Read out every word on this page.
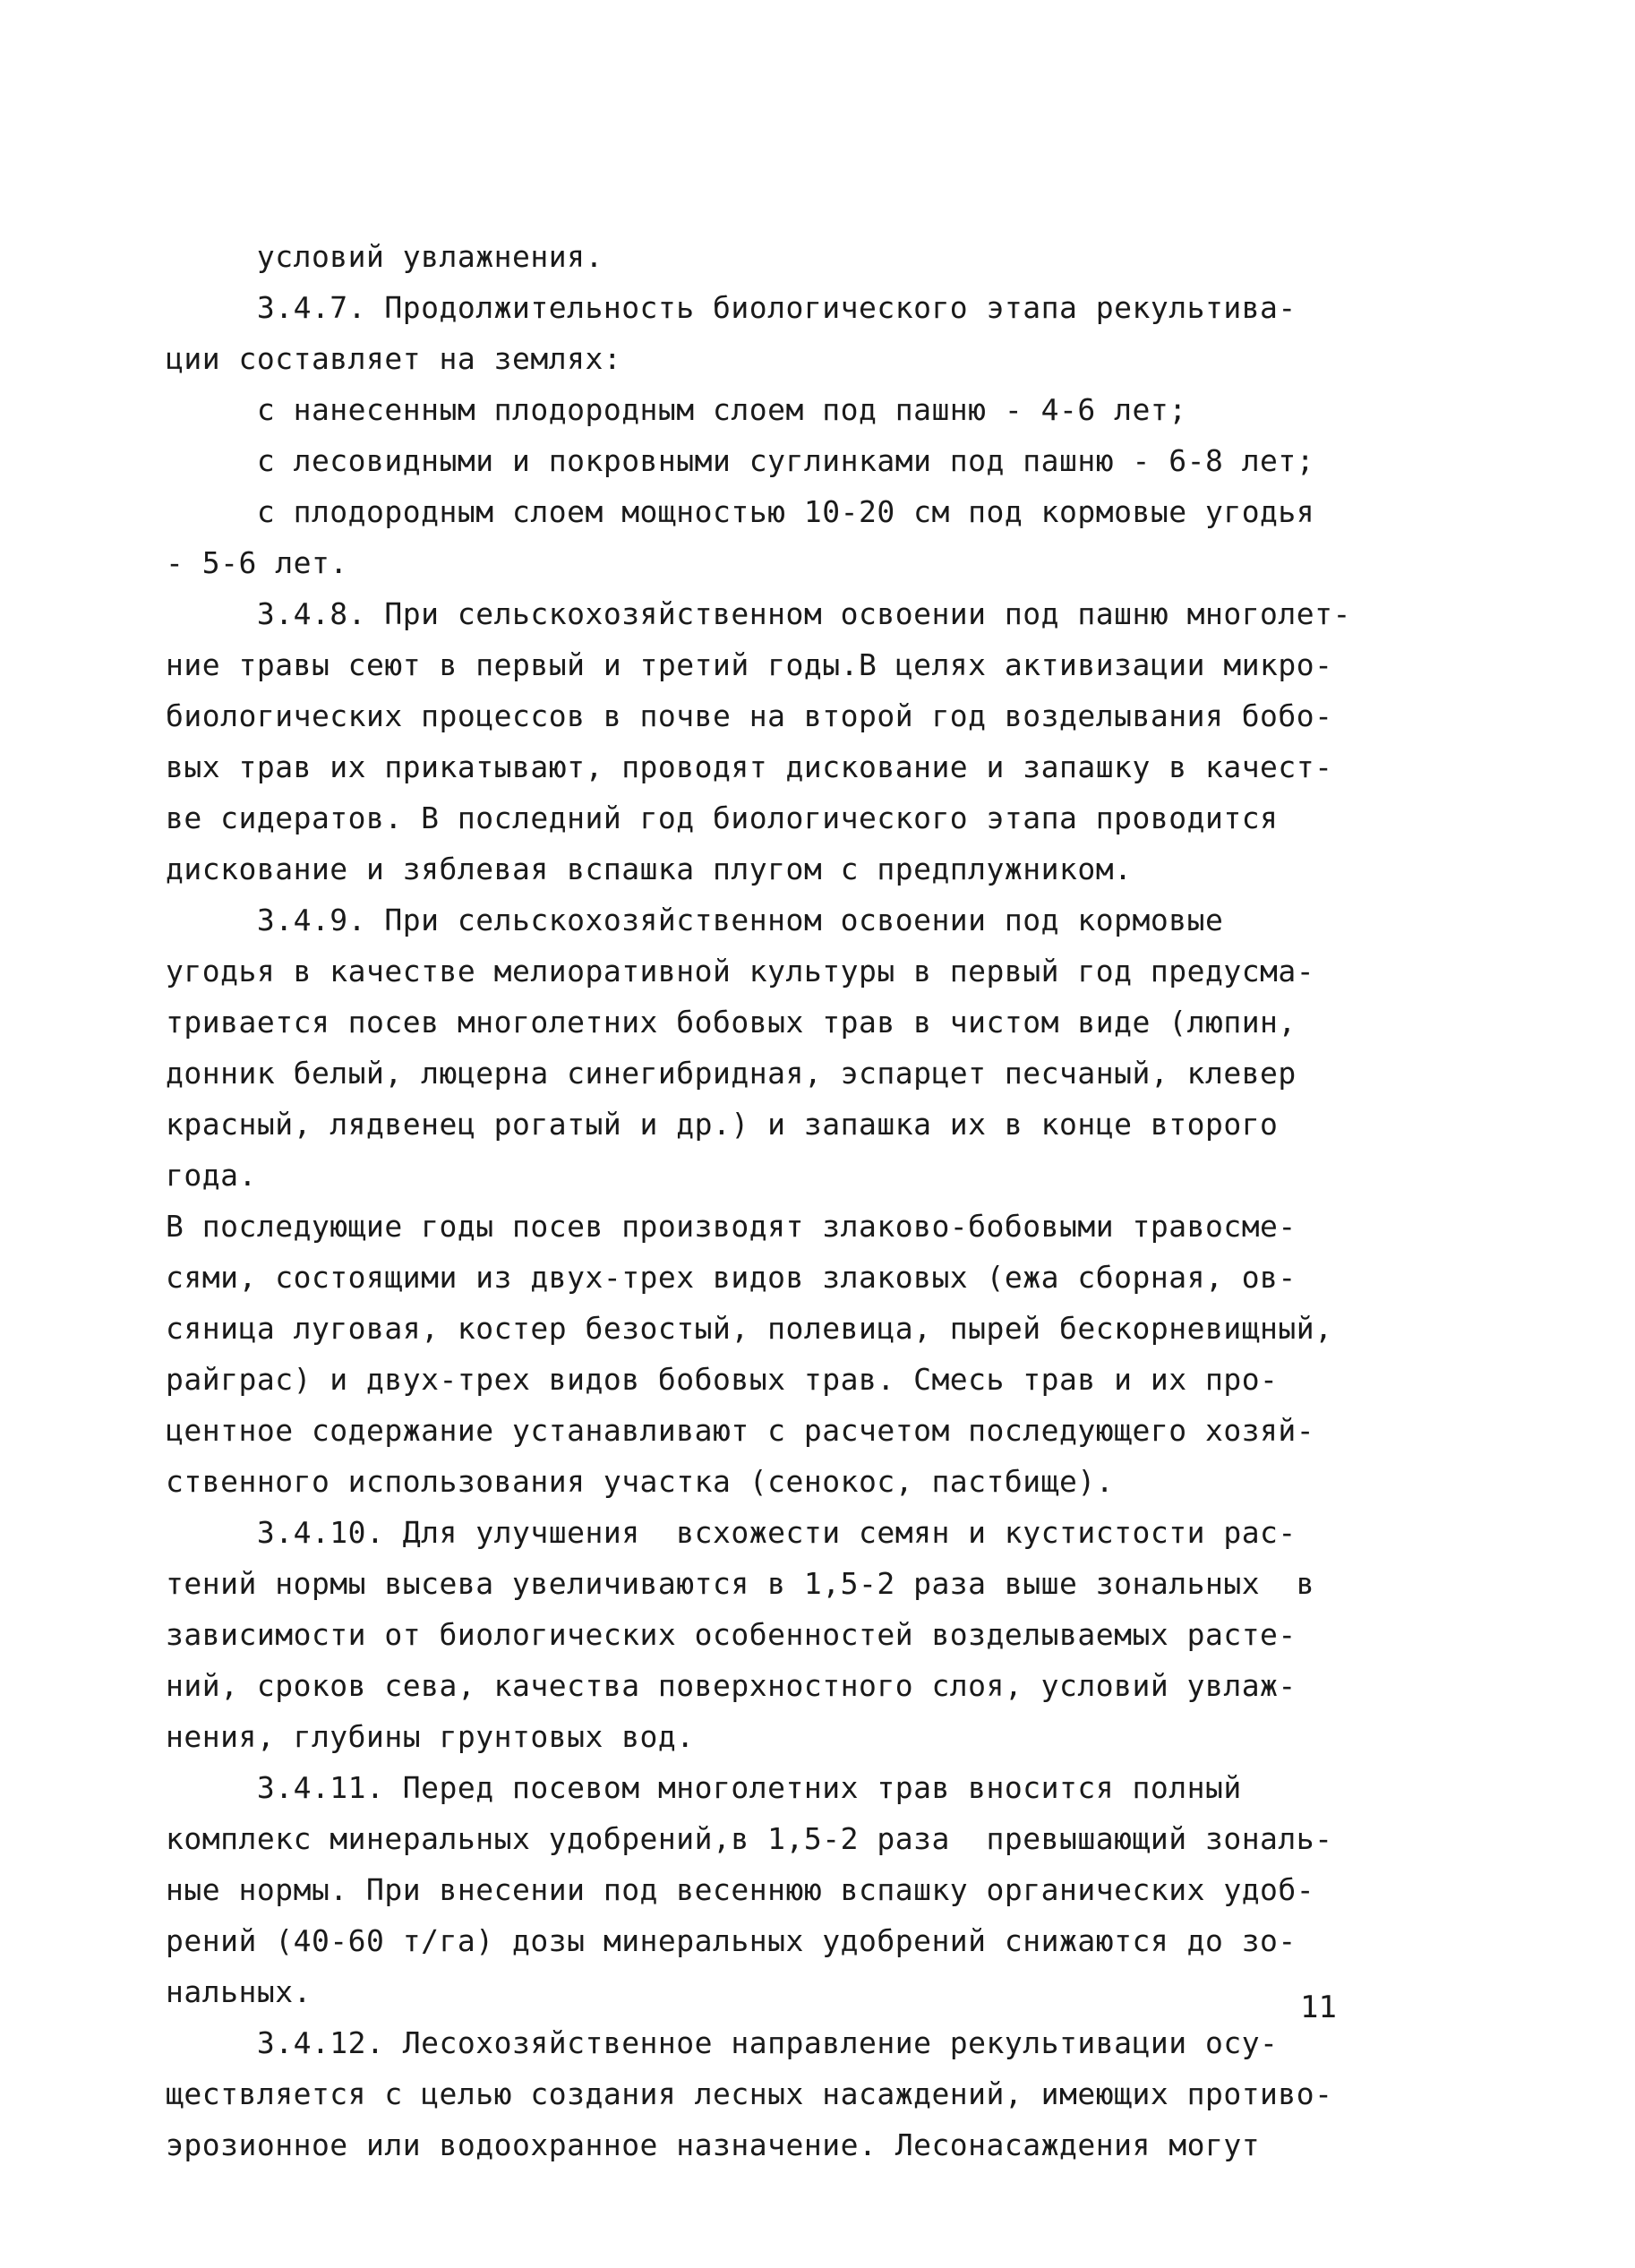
условий увлажнения.
3.4.7. Продолжительность биологического этапа рекультива-
ции составляет на землях:
с нанесенным плодородным слоем под пашню - 4-6 лет;
с лесовидными и покровными суглинками под пашню - 6-8 лет;
с плодородным слоем мощностью 10-20 см под кормовые угодья
- 5-6 лет.
3.4.8. При сельскохозяйственном освоении под пашню многолет-
ние травы сеют в первый и третий годы.В целях активизации микро-
биологических процессов в почве на второй год возделывания бобо-
вых трав их прикатывают, проводят дискование и запашку в качест-
ве сидератов. В последний год биологического этапа проводится
дискование и зяблевая вспашка плугом с предплужником.
3.4.9. При сельскохозяйственном освоении под кормовые
угодья в качестве мелиоративной культуры в первый год предусма-
тривается посев многолетних бобовых трав в чистом виде (люпин,
донник белый, люцерна синегибридная, эспарцет песчаный, клевер
красный, лядвенец рогатый и др.) и запашка их в конце второго
года.
В последующие годы посев производят злаково-бобовыми травосме-
сями, состоящими из двух-трех видов злаковых (ежа сборная, ов-
сяница луговая, костер безостый, полевица, пырей бескорневищный,
райграс) и двух-трех видов бобовых трав. Смесь трав и их про-
центное содержание устанавливают с расчетом последующего хозяй-
ственного использования участка (сенокос, пастбище).
3.4.10. Для улучшения  всхожести семян и кустистости рас-
тений нормы высева увеличиваются в 1,5-2 раза выше зональных  в
зависимости от биологических особенностей возделываемых расте-
ний, сроков сева, качества поверхностного слоя, условий увлаж-
нения, глубины грунтовых вод.
3.4.11. Перед посевом многолетних трав вносится полный
комплекс минеральных удобрений,в 1,5-2 раза  превышающий зональ-
ные нормы. При внесении под весеннюю вспашку органических удоб-
рений (40-60 т/га) дозы минеральных удобрений снижаются до зо-
нальных.
3.4.12. Лесохозяйственное направление рекультивации осу-
ществляется с целью создания лесных насаждений, имеющих противо-
эрозионное или водоохранное назначение. Лесонасаждения могут
11
